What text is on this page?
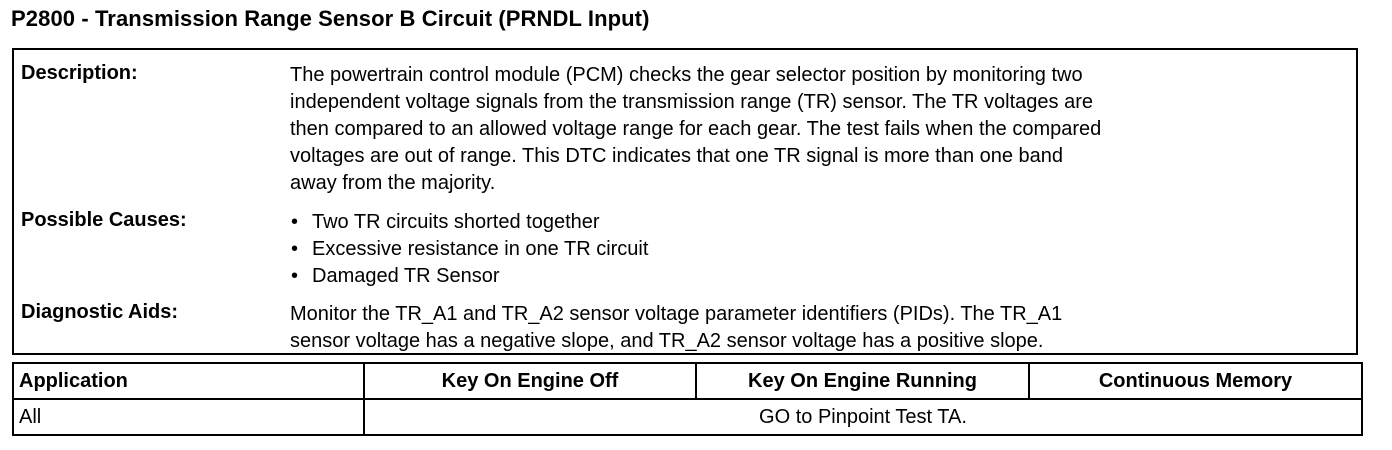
P2800 - Transmission Range Sensor B Circuit (PRNDL Input)
Description:	The powertrain control module (PCM) checks the gear selector position by monitoring two
independent voltage signals from the transmission range (TR) sensor. The TR voltages are
then compared to an allowed voltage range for each gear. The test fails when the compared
voltages are out of range. This DTC indicates that one TR signal is more than one band
away from the majority.
Possible Causes:	• Two TR circuits shorted together
• Excessive resistance in one TR circuit
• Damaged TR Sensor
Diagnostic Aids:	Monitor the TR_A1 and TR_A2 sensor voltage parameter identifiers (PIDs). The TR_A1
sensor voltage has a negative slope, and TR_A2 sensor voltage has a positive slope.
Application	Key On Engine Off	Key On Engine Running	Continuous Memory
All	GO to Pinpoint Test TA.		
